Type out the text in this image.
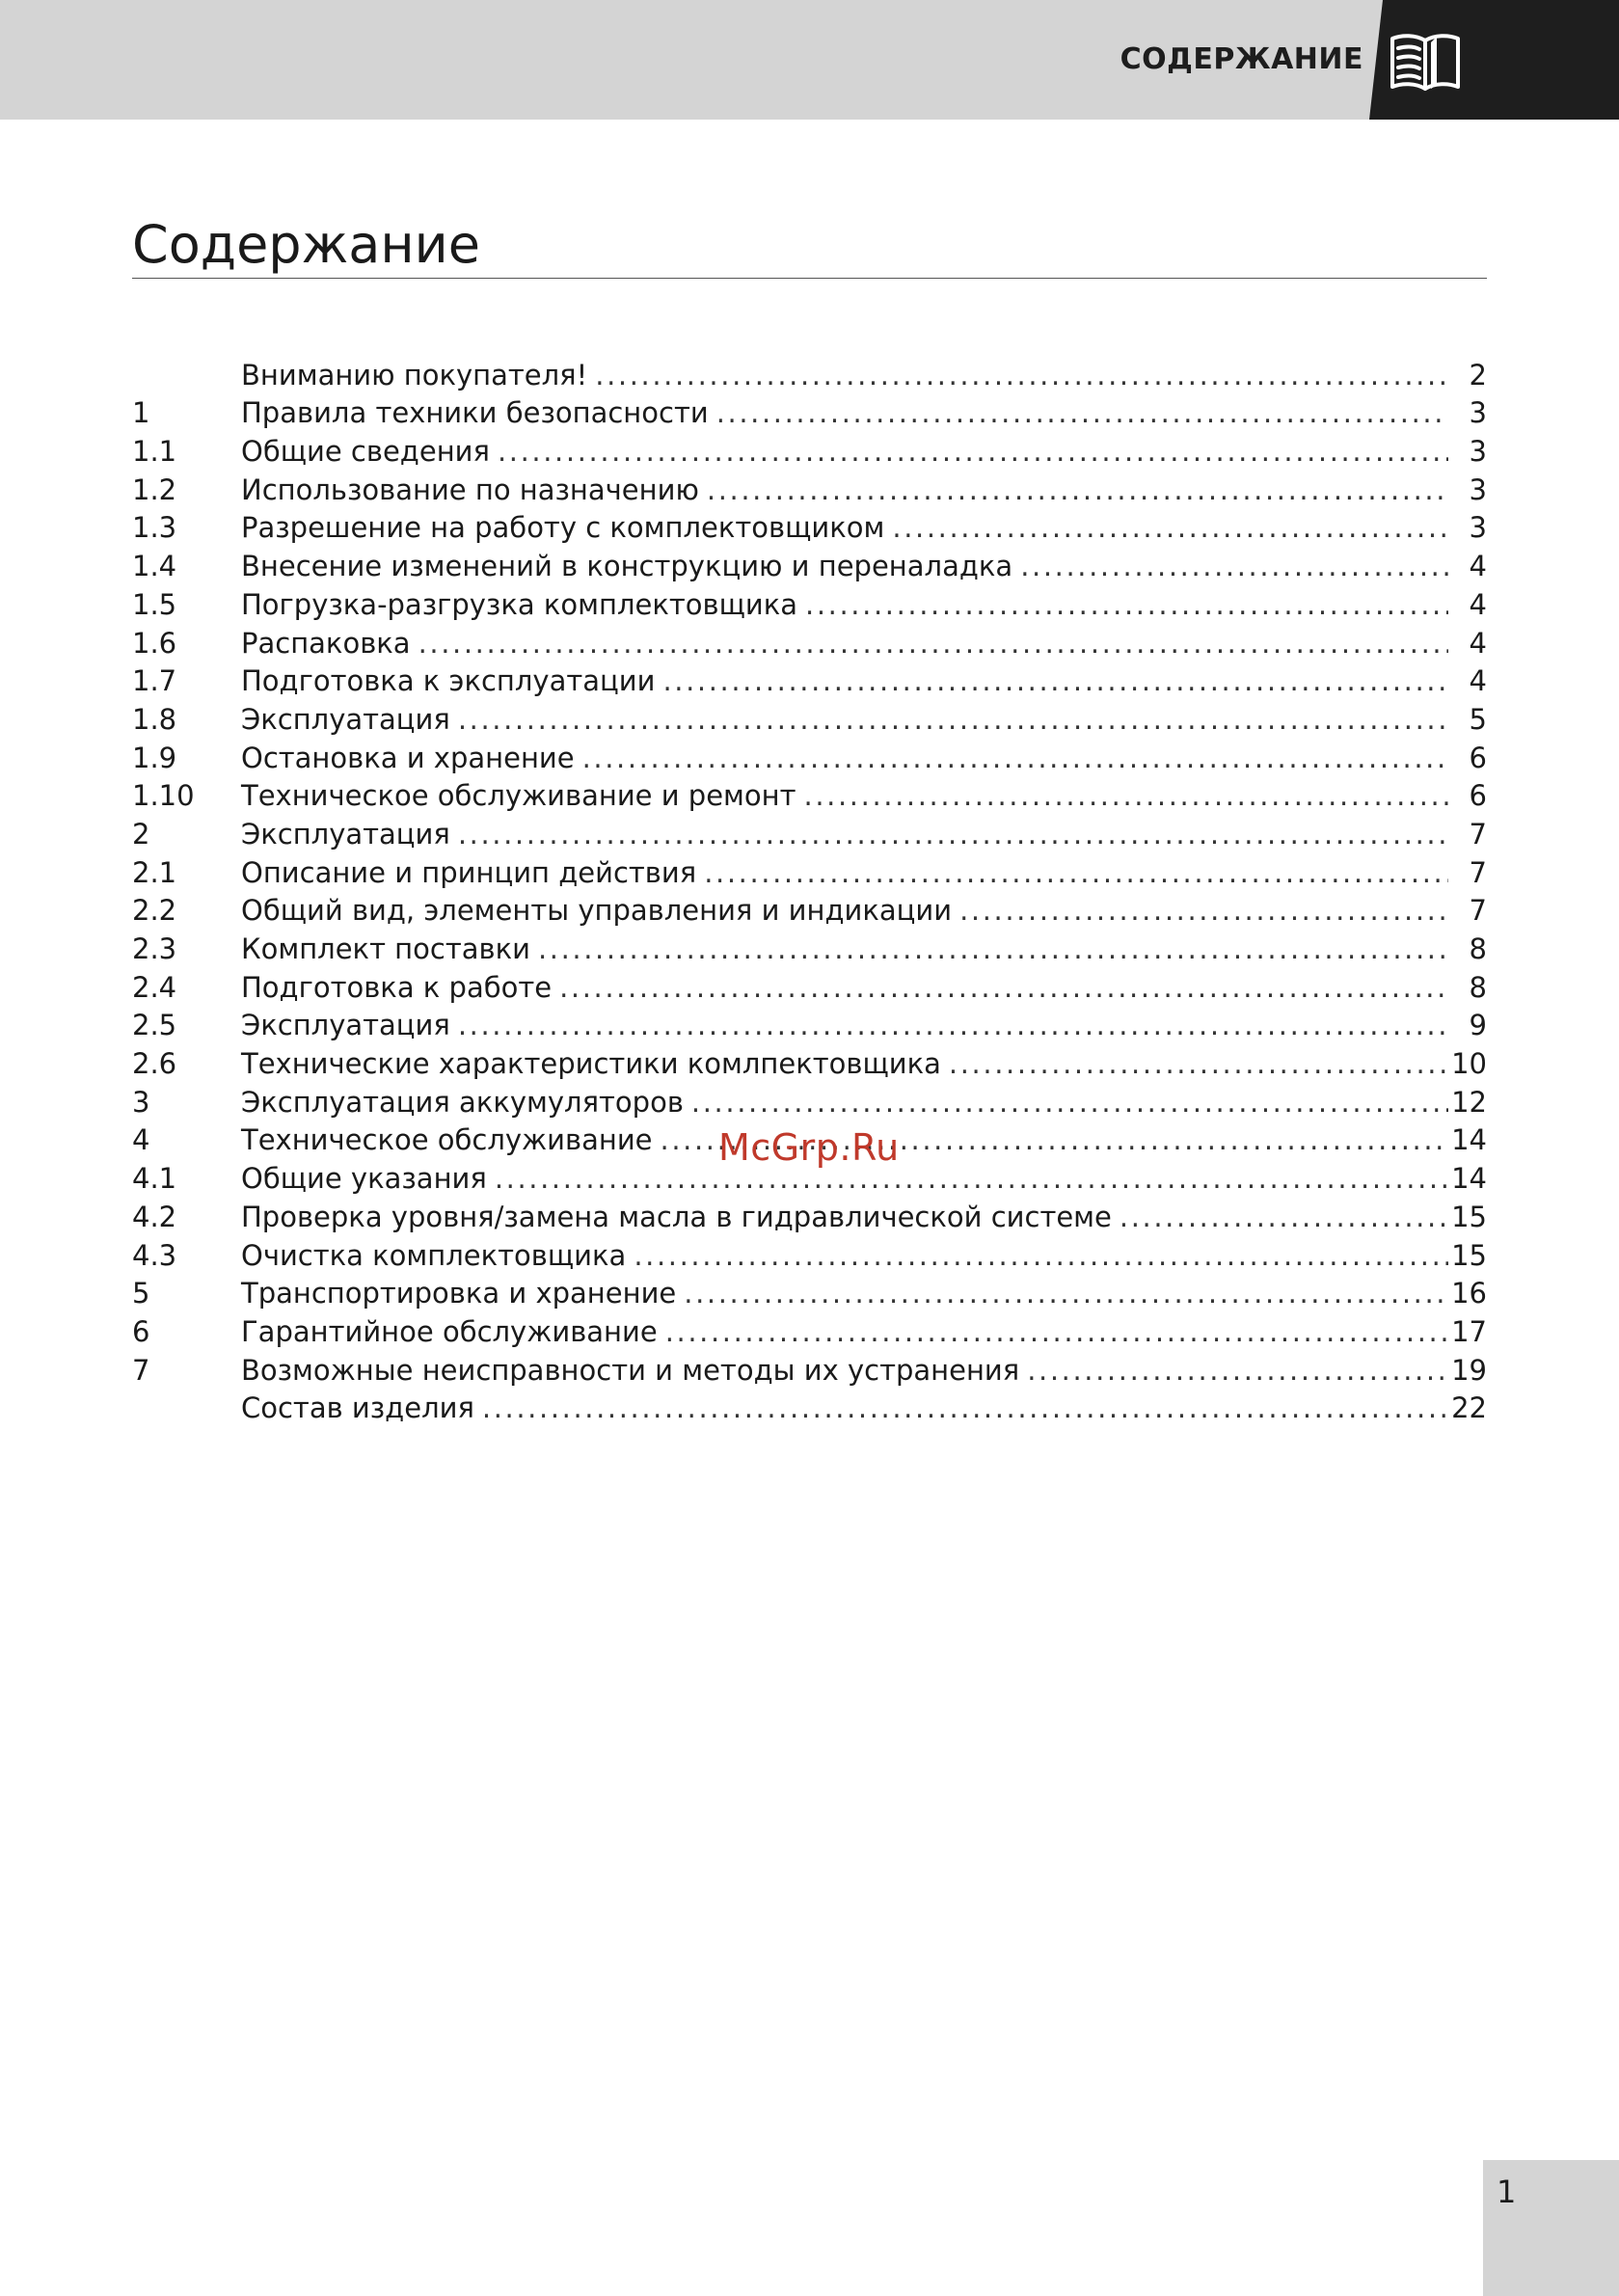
СОДЕРЖАНИЕ
Содержание
Вниманию покупателя! .....	2
1	Правила техники безопасности .....	3
1.1	Общие сведения .....	3
1.2	Использование по назначению .....	3
1.3	Разрешение на работу с комплектовщиком .....	3
1.4	Внесение изменений в конструкцию и переналадка .....	4
1.5	Погрузка-разгрузка комплектовщика .....	4
1.6	Распаковка .....	4
1.7	Подготовка к эксплуатации .....	4
1.8	Эксплуатация .....	5
1.9	Остановка и хранение .....	6
1.10	Техническое обслуживание и ремонт .....	6
2	Эксплуатация .....	7
2.1	Описание и принцип действия .....	7
2.2	Общий вид, элементы управления и индикации .....	7
2.3	Комплект поставки .....	8
2.4	Подготовка к работе .....	8
2.5	Эксплуатация .....	9
2.6	Технические характеристики комлпектовщика .....	10
3	Эксплуатация аккумуляторов .....	12
4	Техническое обслуживание .....	14
4.1	Общие указания .....	14
4.2	Проверка уровня/замена масла в гидравлической системе .....	15
4.3	Очистка комплектовщика .....	15
5	Транспортировка и хранение .....	16
6	Гарантийное обслуживание .....	17
7	Возможные неисправности и методы их устранения .....	19
Состав изделия .....	22
McGrp.Ru
1
